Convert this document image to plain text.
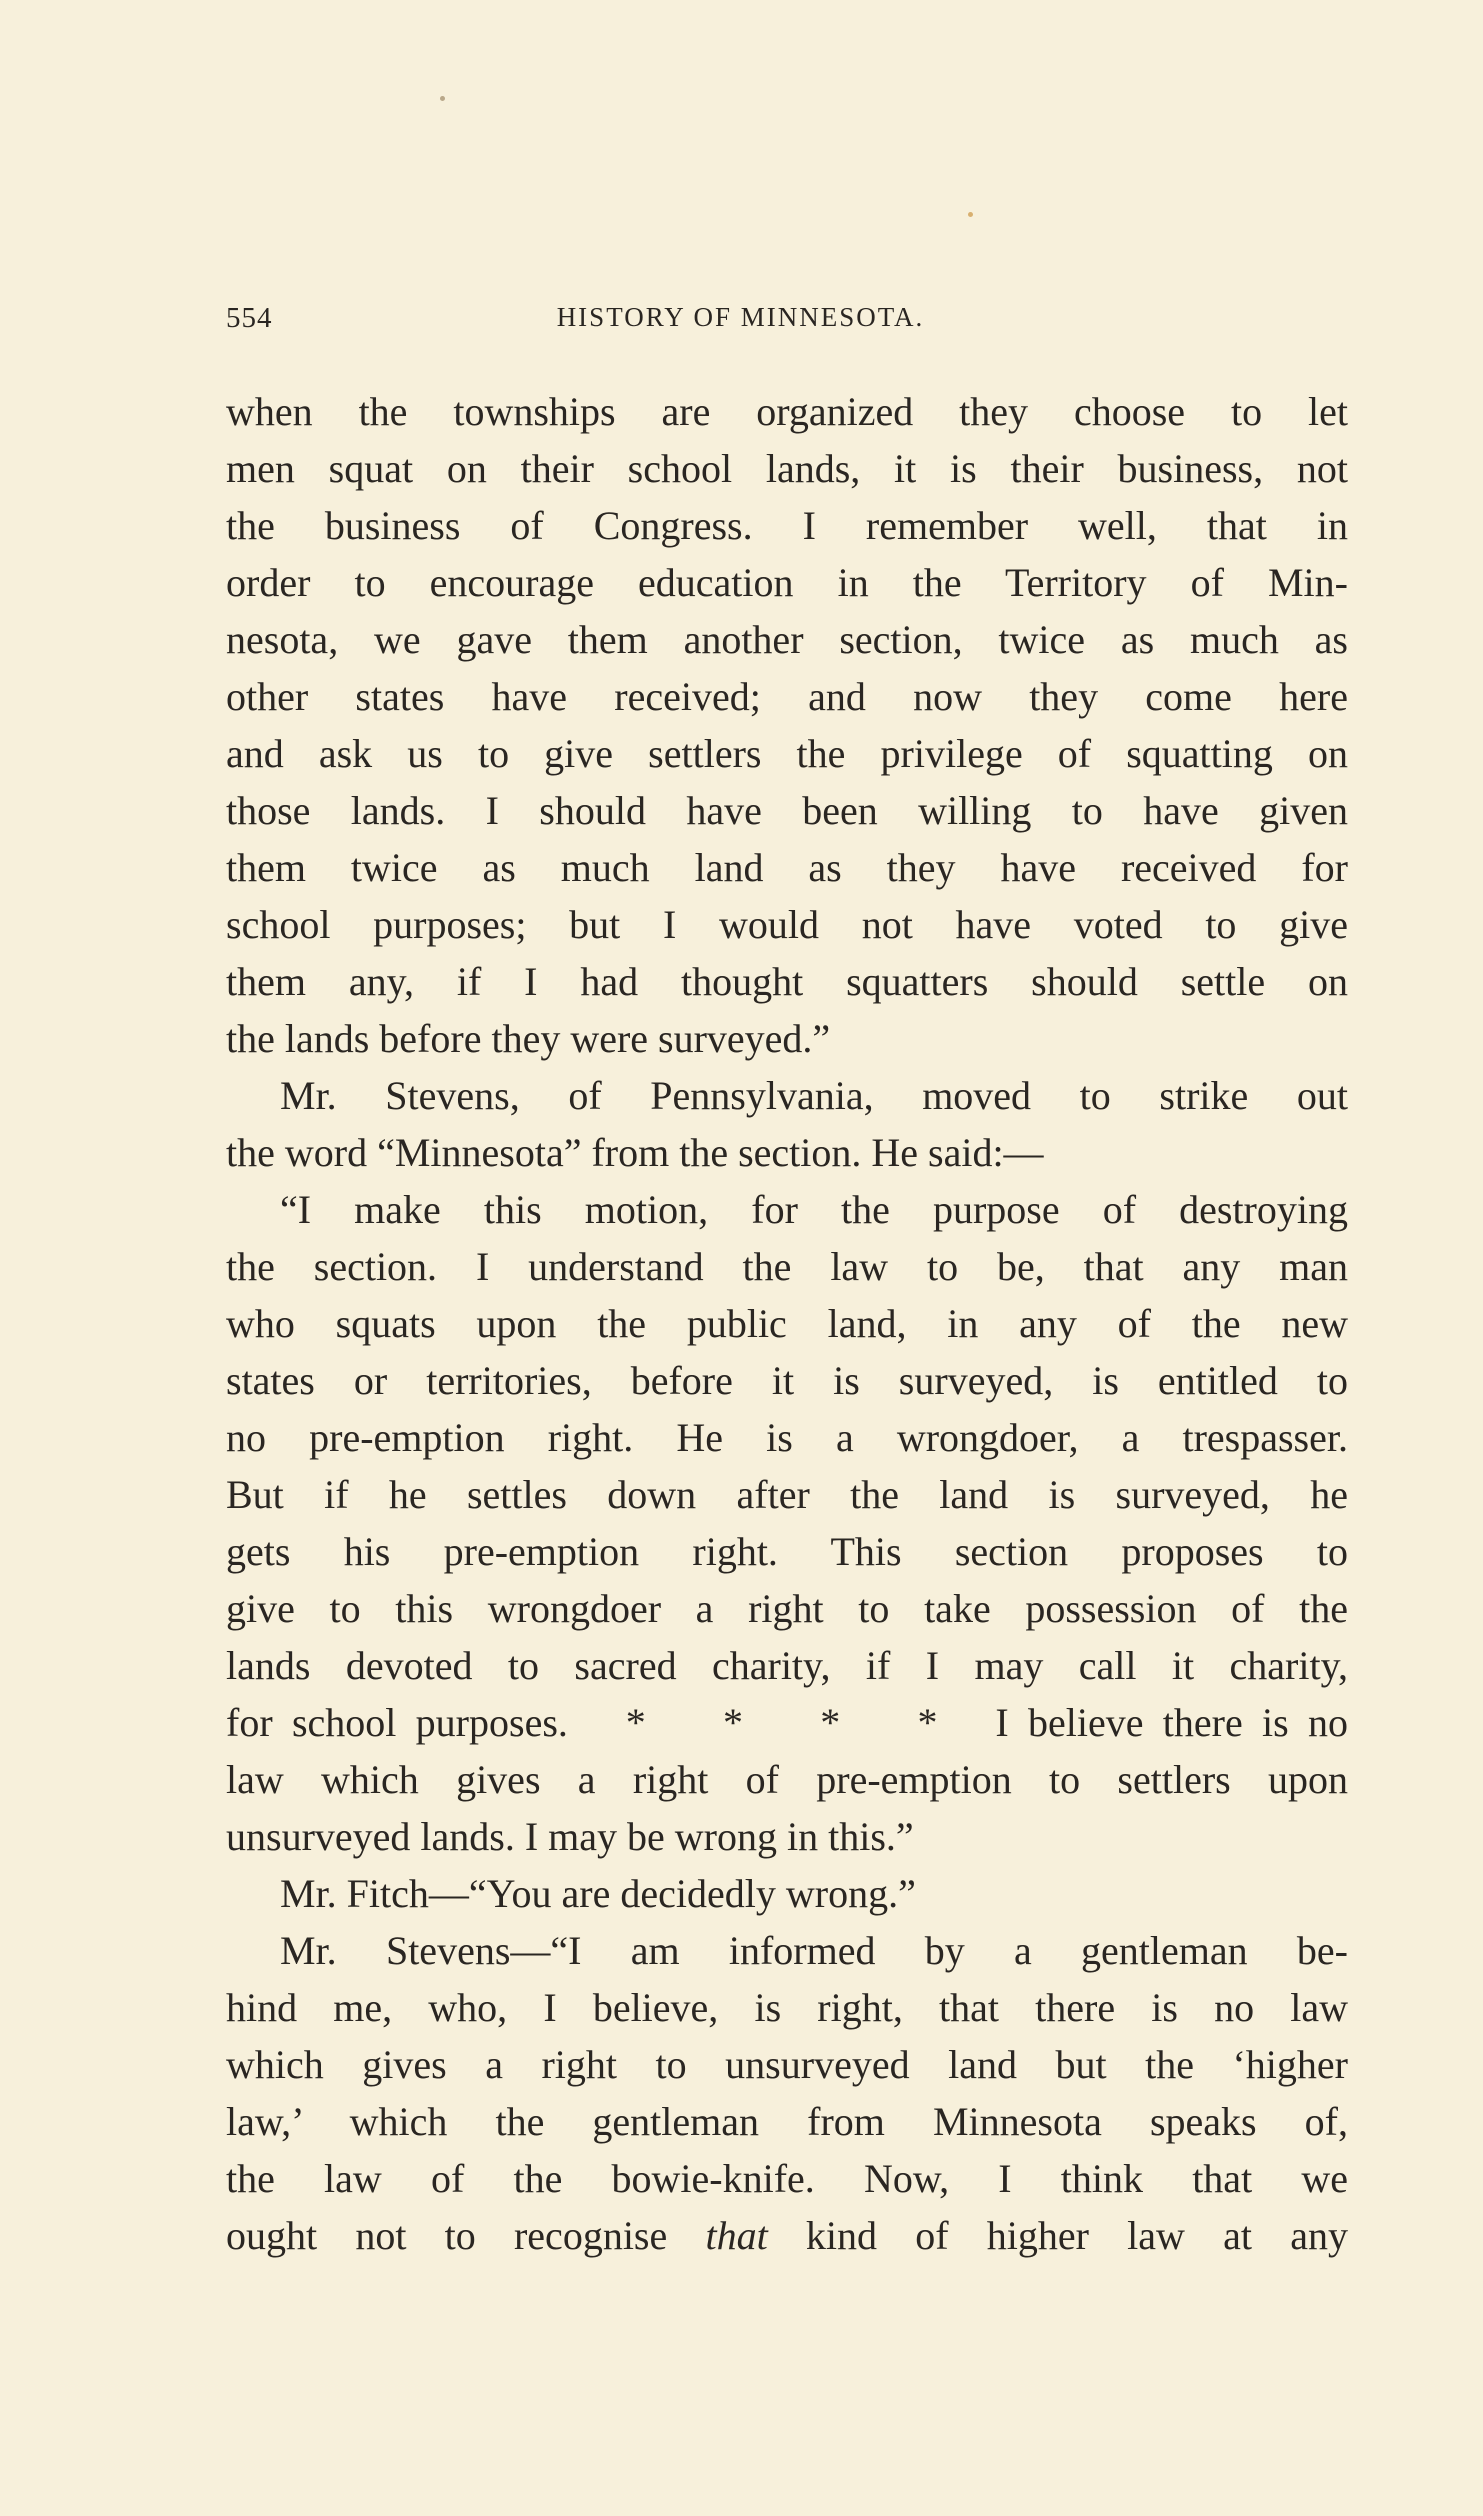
554	HISTORY OF MINNESOTA.
when the townships are organized they choose to let
men squat on their school lands, it is their business, not
the business of Congress. I remember well, that in
order to encourage education in the Territory of Min-
nesota, we gave them another section, twice as much as
other states have received; and now they come here
and ask us to give settlers the privilege of squatting on
those lands. I should have been willing to have given
them twice as much land as they have received for
school purposes; but I would not have voted to give
them any, if I had thought squatters should settle on
the lands before they were surveyed.”
Mr. Stevens, of Pennsylvania, moved to strike out
the word “Minnesota” from the section. He said:—
“I make this motion, for the purpose of destroying
the section. I understand the law to be, that any man
who squats upon the public land, in any of the new
states or territories, before it is surveyed, is entitled to
no pre-emption right. He is a wrongdoer, a trespasser.
But if he settles down after the land is surveyed, he
gets his pre-emption right. This section proposes to
give to this wrongdoer a right to take possession of the
lands devoted to sacred charity, if I may call it charity,
for school purposes.   *    *    *    *   I believe there is no
law which gives a right of pre-emption to settlers upon
unsurveyed lands. I may be wrong in this.”
Mr. Fitch—“You are decidedly wrong.”
Mr. Stevens—“I am informed by a gentleman be-
hind me, who, I believe, is right, that there is no law
which gives a right to unsurveyed land but the ‘higher
law,’ which the gentleman from Minnesota speaks of,
the law of the bowie-knife. Now, I think that we
ought not to recognise that kind of higher law at any
